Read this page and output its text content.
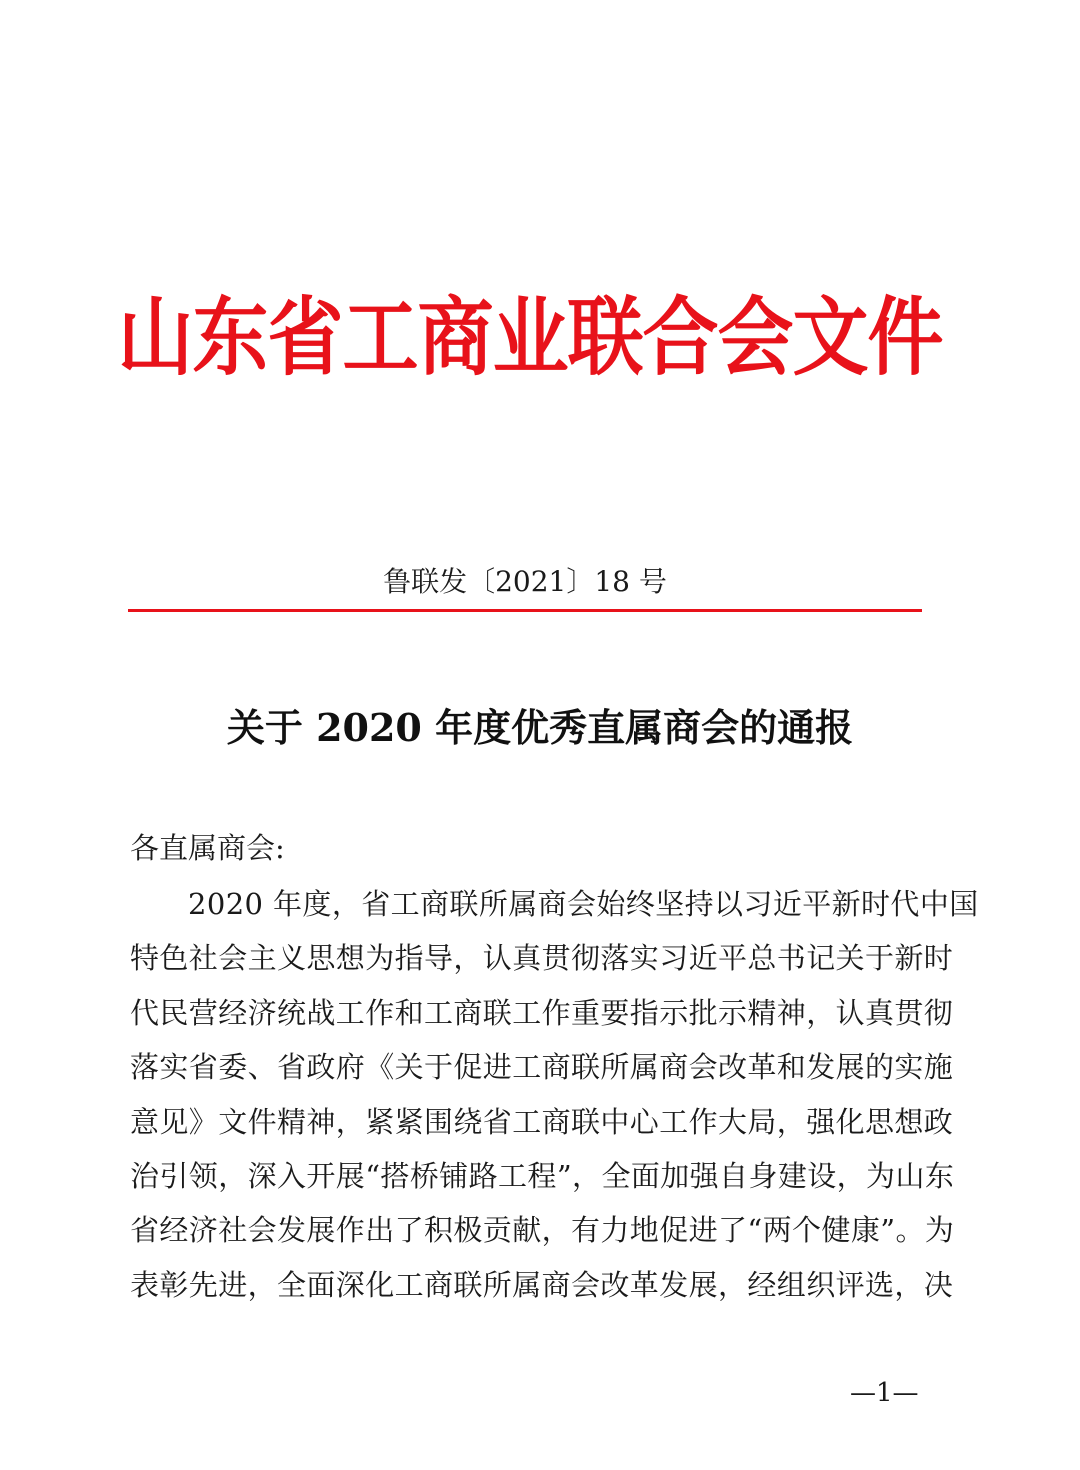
山东省工商业联合会文件
鲁联发〔2021〕18 号
关于 2020 年度优秀直属商会的通报
各直属商会:
2020 年度，省工商联所属商会始终坚持以习近平新时代中国
特色社会主义思想为指导，认真贯彻落实习近平总书记关于新时
代民营经济统战工作和工商联工作重要指示批示精神，认真贯彻
落实省委、省政府《关于促进工商联所属商会改革和发展的实施
意见》文件精神，紧紧围绕省工商联中心工作大局，强化思想政
治引领，深入开展“搭桥铺路工程”，全面加强自身建设，为山东
省经济社会发展作出了积极贡献，有力地促进了“两个健康”。为
表彰先进，全面深化工商联所属商会改革发展，经组织评选，决
—1—
